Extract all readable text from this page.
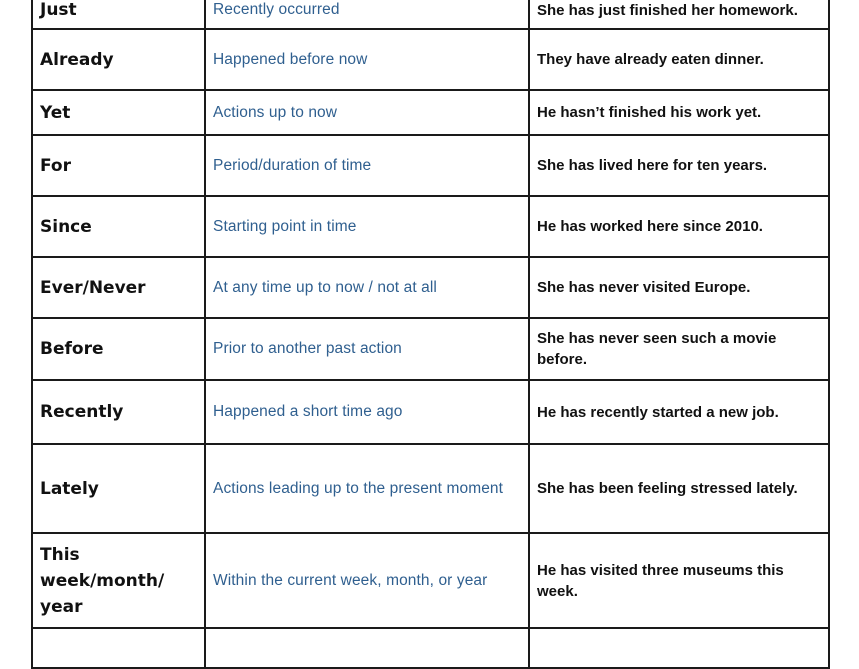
Just	Recently occurred	She has just finished her homework.
Already	Happened before now	They have already eaten dinner.
Yet	Actions up to now	He hasn’t finished his work yet.
For	Period/duration of time	She has lived here for ten years.
Since	Starting point in time	He has worked here since 2010.
Ever/Never	At any time up to now / not at all	She has never visited Europe.
Before	Prior to another past action	She has never seen such a movie before.
Recently	Happened a short time ago	He has recently started a new job.
Lately	Actions leading up to the present moment	She has been feeling stressed lately.
This week/month/ year	Within the current week, month, or year	He has visited three museums this week.
